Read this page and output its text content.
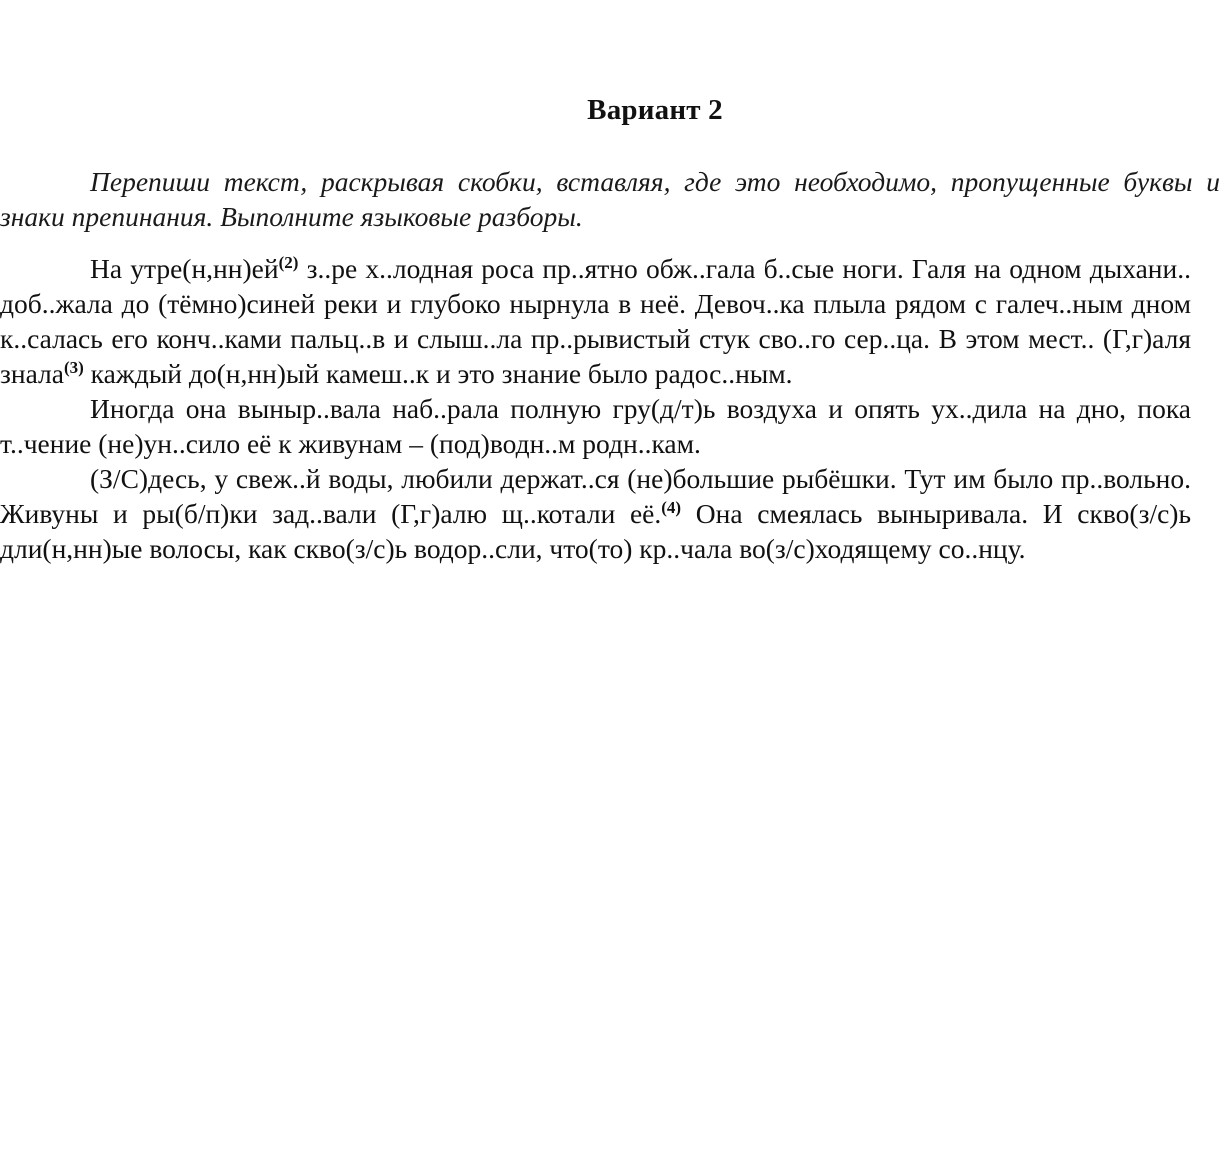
Вариант 2

Перепиши текст, раскрывая скобки, вставляя, где это необходимо, пропущенные буквы и знаки препинания. Выполните языковые разборы.

На $утре(н,нн)ей^{(2)}$ з..ре х..лодная роса пр..ятно обж..гала б..сые ноги. Галя на одном дыхани.. доб..жала до (тёмно)синей реки и глубоко нырнула в неё. Девоч..ка плыла рядом с галеч..ным дном к..салась его конч..ками пальц..в и слыш..ла пр..рывистый стук сво..го сер..ца. В этом мест.. (Г,г)аля знала$^{(3)}$ каждый до(н,нн)ый камеш..к и это знание было радос..ным.

Иногда она выныр..вала наб..рала полную гру(д/т)ь воздуха и опять ух..дила на дно, пока т..чение (не)ун..сило её к живунам – (под)водн..м родн..кам.

(З/С)десь, у свеж..й воды, любили держат..ся (не)большие рыбёшки. Тут им было пр..вольно. Живуны и ры(б/п)ки зад..вали (Г,г)алю щ..котали её.$^{(4)}$ Она смеялась выныривала. И скво(з/с)ь дли(н,нн)ые волосы, как скво(з/с)ь водор..сли, что(то) кр..чала во(з/с)ходящему со..нцу.
